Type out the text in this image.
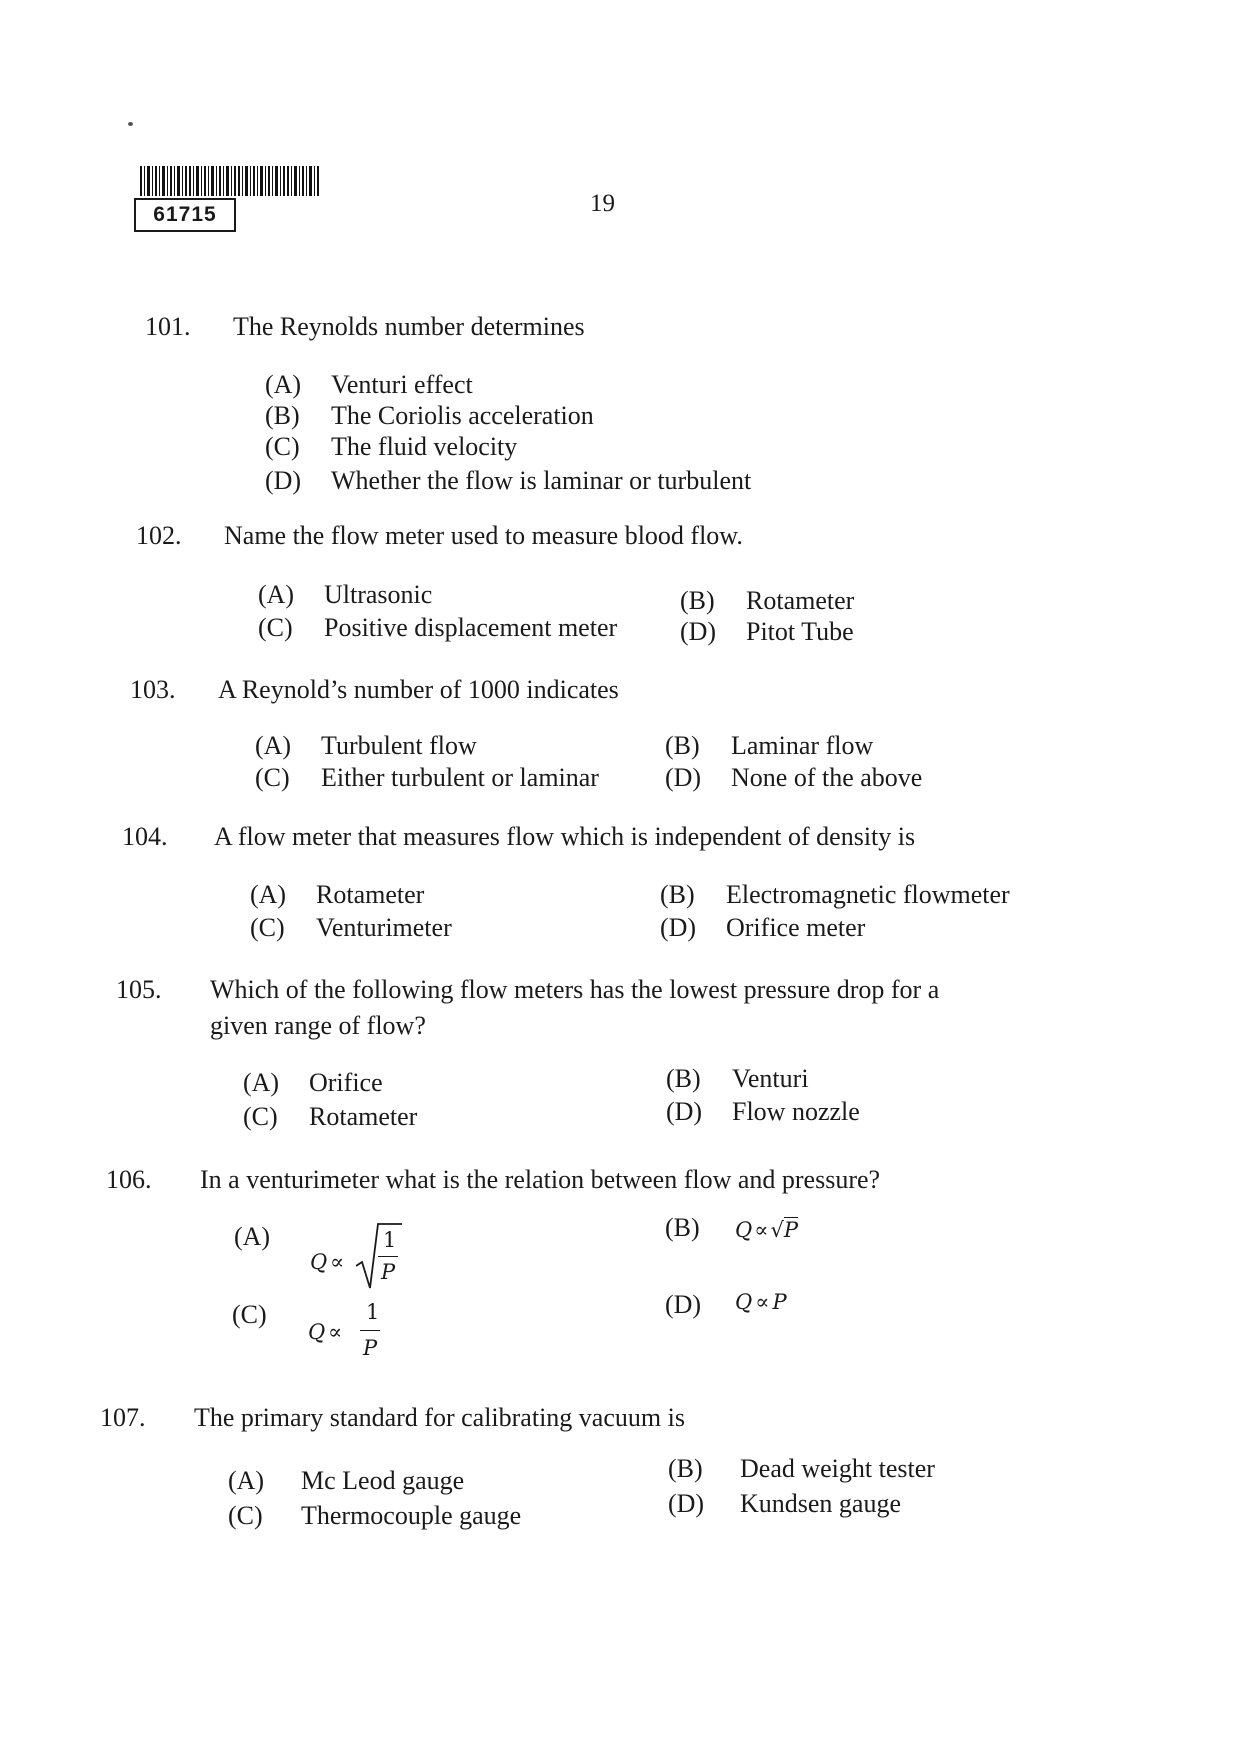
61715	19
101. The Reynolds number determines
(A) Venturi effect
(B) The Coriolis acceleration
(C) The fluid velocity
(D) Whether the flow is laminar or turbulent
102. Name the flow meter used to measure blood flow.
(A) Ultrasonic	(B) Rotameter
(C) Positive displacement meter (D) Pitot Tube
103. A Reynold’s number of 1000 indicates
(A) Turbulent flow	(B) Laminar flow
(C) Either turbulent or laminar	(D) None of the above
104. A flow meter that measures flow which is independent of density is
(A) Rotameter	(B) Electromagnetic flowmeter
(C) Venturimeter	(D) Orifice meter
105. Which of the following flow meters has the lowest pressure drop for a
given range of flow?
(A) Orifice	(B) Venturi
(C) Rotameter	(D) Flow nozzle
106. In a venturimeter what is the relation between flow and pressure?
(A)
Q ∝
1
P
(B) Q∝√P
(C)
Q ∝
1
P
(D) Q ∝ P
107. The primary standard for calibrating vacuum is
(A) Mc Leod gauge	(B) Dead weight tester
(C) Thermocouple gauge	(D) Kundsen gauge
